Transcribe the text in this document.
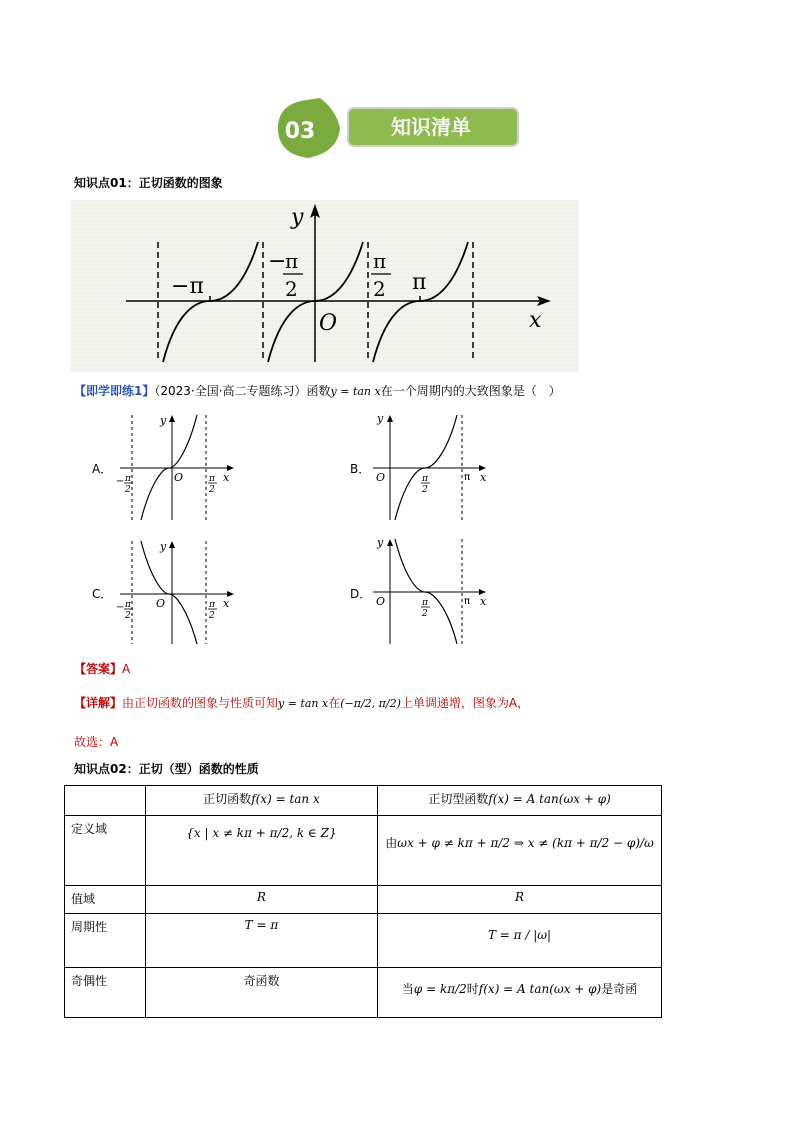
03	知识清单
知识点01：正切函数的图象
y
x
O
−π	π
−
π
2
π
2
【即学即练1】（2023·全国·高二专题练习）函数y = tan x在一个周期内的大致图象是（　）
A．
y
x
O
− π
2
π
2
B．
y
x
O	π
π
2
C．
y
x
O
− π
2
π
2
D．
y
x
O	π
π
2
【答案】A
【详解】由正切函数的图象与性质可知y = tan x在(−π/2, π/2)上单调递增，图象为A，
故选：A
知识点02：正切（型）函数的性质
	正切函数f(x) = tan x	正切型函数f(x) = A tan(ωx + φ)
定义域	{x | x ≠ kπ + π/2, k ∈ Z}	由ωx + φ ≠ kπ + π/2 ⇒ x ≠ (kπ + π/2 − φ)/ω
值域	R	R
周期性	T = π	T = π / |ω|
奇偶性	奇函数	当φ = kπ/2时f(x) = A tan(ωx + φ)是奇函
